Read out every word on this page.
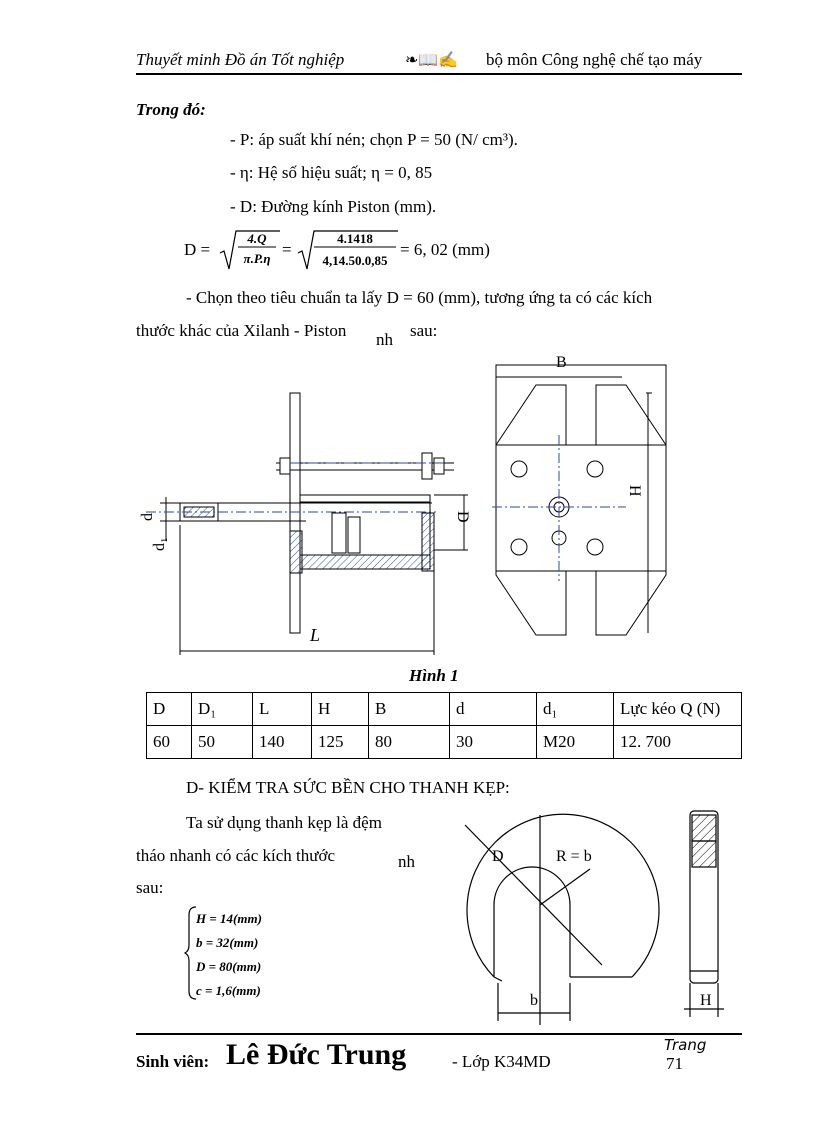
Thuyết minh Đồ án Tốt nghiệp	❧📖✍ bộ môn Công nghệ chế tạo máy
Trong đó:
- P: áp suất khí nén; chọn P = 50 (N/ cm³).
- η: Hệ số hiệu suất; η = 0, 85
- D: Đường kính Piston (mm).
D =
4.Q
π.P.η =
4.1418
4,14.50.0,85
= 6, 02 (mm)
- Chọn theo tiêu chuẩn ta lấy D = 60 (mm), tương ứng ta có các kích
thước khác của Xilanh - Piston nh sau:
L
d
d₁
D
B
H
Hình 1
D	D₁	L	H	B	d	d₁	Lực kéo Q (N)
60	50	140	125	80	30	M20	12. 700
D- KIỂM TRA SỨC BỀN CHO THANH KẸP:
Ta sử dụng thanh kẹp là đệm
tháo nhanh có các kích thước	nh
sau:
H = 14(mm)
b = 32(mm)
D = 80(mm)
c = 1,6(mm)
D	R = b
b	H
Sinh viên: Lê Đức Trung	- Lớp K34MD
Trang
71
